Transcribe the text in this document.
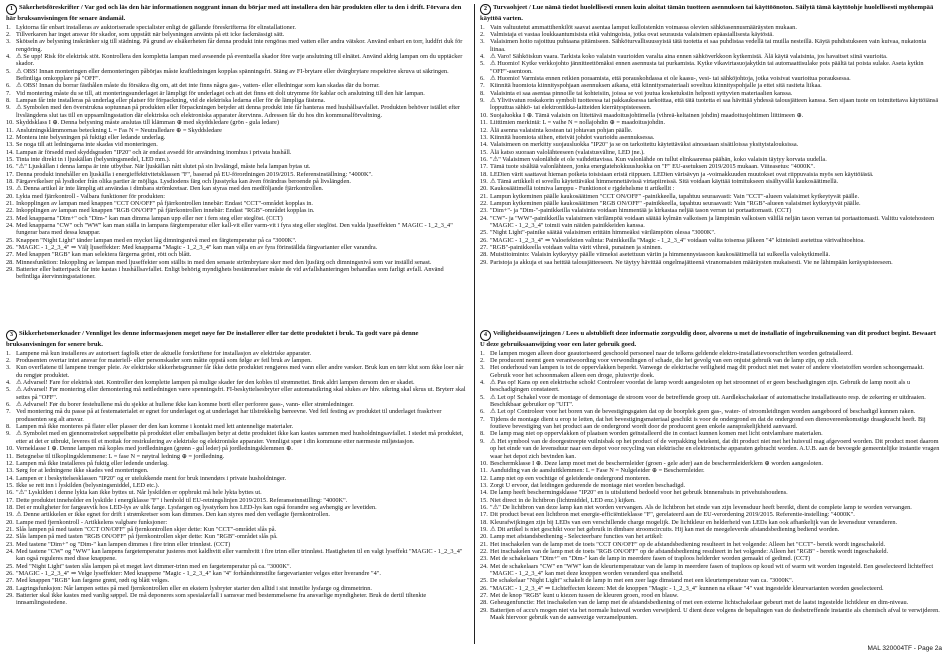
1 Säkerhetsföreskrifter / Var god och läs den här informationen noggrant innan du börjar med att installera den här produkten eller ta den i drift. Förvara den här bruksanvisningen för senare ändamål.
1. Lyktorna får enbart installeras av auktoriserade specialister enligt de gällande föreskrifterna för elinstallationer.
2. Tillverkaren har inget ansvar för skador, som uppstått när belysningen använts på ett icke fackmässigt sätt.
3. Skötseln av belysning inskränker sig till städning. På grund av elsäkerheten får denna produkt inte rengöras med vatten eller andra vätskor. Använd enbart en torr, luddfri duk för rengöring.
4. ⚠ Se upp! Risk för elektrisk stöt. Kontrollera den kompletta lampan med avseende på eventuella skador före varje anslutning till elnätet. Använd aldrig lampan om du upptäcker skador.
5. ⚠ OBS! Innan monteringen eller demonteringen påbörjas måste kraftledningen kopplas spänningsfri. Stäng av FI-brytare eller dvärgbrytare respektive skruva ut säkringen. Befintliga omkopplare på "OFF".
6. ⚠ OBS! Innan du borrar fästhålen måste du försäkra dig om, att det inte finns några gas-, vatten- eller elledningar som kan skadas där du borrar.
7. Vid montering måste du se till, att monteringsunderlaget är lämpligt för underlaget och att det finns ett dolt utrymme för kablar och anslutning till den här lampan.
8. Lampan får inte installeras på underlag eller platser för förpackning, vid de elektriska ledarna eller för de lämpliga fästena.
9. ⚠ Symbolen med den överstrukna soptunnan på produkten eller förpackningen betyder att denna produkt inte får hanteras med hushållsavfallet. Produkten behöver istället efter livslängdens slut tas till en uppsamlingsstation där elektriska och elektroniska apparater återvinns. Adressen får du hos din kommunalförvaltning.
10. Skyddsklass I ⊕. Denna belysning måste anslutas till klämman ⊕ med skyddsledare (grön - gula ledare)
11. Anslutningsklämmornas beteckning L = Fas N = Neutralledare ⊕ = Skyddsledare
12. Montera inte belysningen på fuktigt eller ledande underlag.
13. Se noga till att ledningarna inte skadas vid monteringen.
14. Lampan är försedd med skyddsgraden "IP20" och är endast avsedd för användning inomhus i privata hushåll.
15. Tinta inte direkt in i ljuskällan (belysningsmedel, LED mm.).
16. "⚠" Ljuskällan i denna lampa är inte utbytbar. När ljuskällan nått slutet på sin livslängd, måste hela lampan bytas ut.
17. Denna produkt innehåller en ljuskälla i energieffektivitetsklassen "F", baserad på EU-förordningen 2019/2015. Referensinställning: "4000K".
18. Färgavvikelser på lysdioder från olika partier är möjliga. Lysdiodens färg och ljusstyrka kan även förändras beroende på livslängden.
19. ⚠ Denna artikel är inte lämplig att användas i dimbara strömkretsar. Den kan styras med den medföljande fjärrkontrollen.
20. Lykta med fjärrkontroll - Valbara funktioner för produkten:
21. Inkopplingen av lampan med knappen "CCT ON/OFF" på fjärrkontrollen innebär: Endast "CCT"-området kopplas in.
22. Inkopplingen av lampan med knappen "RGB ON/OFF" på fjärrkontrollen innebär: Endast "RGB"-området kopplas in.
23. Med knapparna "Dim+" och "Dim-" kan man dimma lampan upp eller ner i fem steg eller steglöst. (CCT)
24. Med knapparna "CW" och "WW" kan man ställa in lampans färgtemperatur eller kall-vit eller varm-vit i fyra steg eller steglöst. Den valda ljuseffekten " MAGIC - 1_2_3_4" fungerar bara med dessa knappar.
25. Knappen "Night Light" tänder lampan med en mycket låg dimningsnivå med en färgtemperatur på ca "3000K".
26. "MAGIC - 1_2_3_4" ⇒ Välj ljuseffekter: Med knapparna "Magic - 1_2_3_4" kan man välja en av fyra förinställda färgvarianter eller varandra.
27. Med knappen "RGB" kan man selektera färgerna grönt, rött och blått.
28. Minnesfunktion: Inkoppling av lampan med ljuseffekter som ställts in med den senaste strömbrytare sker med den ljusfärg och dimningsnivå som var inställd senast.
29. Batterier eller batteripack får inte kastas i hushållsavfallet. Enligt behörig myndighets bestämmelser måste de vid avfallshanteringen behandlas som farligt avfall. Använd befintliga återvinningsstationer.
2 Turvaohjeet / Lue nämä tiedot huolellisesti ennen kuin aloitat tämän tuotteen asennuksen tai käyttöönoton. Säilytä tämä käyttöohje huolellisesti myöhempää käyttöä varten.
1. Vain valtuutetut ammattihenkilöt saavat asentaa lamput kulloistenkin voimassa olevien sähköasennusmääräysten mukaan.
2. Valmistaja ei vastaa loukkaantumisista eikä vahingoista, jotka ovat seurausta valaisimen epäasiallisesta käytöstä.
3. Valaisimen hoito rajoittuu puhtaana pitämiseen. Sähköturvallisuussyistä tätä tuotetta ei saa puhdistaa vedellä tai muilla nesteillä. Käytä puhdistukseen vain kuivaa, nukatonta liinaa.
4. ⚠ Varo! Sähköiskun vaara. Tarkista koko valaisin vaurioiden varalta aina ennen sähköverkkoon kytkemistä. Älä käytä valaisinta, jos havaitset siinä vaurioita.
5. ⚠ Huomio! Kytke verkkojohto jännitteettömäksi ennen asennusta tai purkamista. Kytke vikavirtasuojakytkin tai automaattisulake pois päältä tai poista sulake. Aseta kytkin "OFF"-asentoon.
6. ⚠ Huomio! Varmista ennen reikien poraamista, että porauskohdassa ei ole kaasu-, vesi- tai sähköjohtoja, jotka voisivat vaurioitua porauksessa.
7. Kiinnitä huomiota kiinnityspohjaan asennuksen aikana, että kiinnitysmateriaali soveltuu kiinnityspohjalle ja ettei sitä rasiteta liikaa.
8. Valaisinta ei saa asentaa pinnoille tai kohteisiin, joissa se voi joutua kosketuksiin helposti syttyvien materiaalien kanssa.
9. ⚠ Yliviivatun roskakorin symboli tuotteessa tai pakkauksessa tarkoittaa, että tätä tuotetta ei saa hävittää yhdessä talousjätteen kanssa. Sen sijaan tuote on toimitettava käyttöiänsä lopputtua sähkö- tai elektroniikka-laitteiden kierrätyspisteeseen.
10. Suojaluokka I ⊕. Tämä valaisin on liitettävä maadoitusjohtimella (vihreä-keltainen johdin) maadoitusjohtimen liittimeen ⊕.
11. Liittimien merkintä: L = vaihe N = nollajohdin ⊕ = maadoitusjohdin.
12. Älä asenna valaisinta kostean tai johtavan pohjan päälle.
13. Kiinnitä huomiota siihen, etteivät johdot vaurioidu asennuksessa.
14. Valaisimeen on merkitty suojausluokka "IP20" ja se on tarkoitettu käytettäväksi ainoastaan sisätiloissa yksityistalouksissa.
15. Älä katso suoraan valolähteeseen (valaistusväline, LED jne.).
16. "⚠" Valaisimen valonlähde ei ole vaihdettavissa. Kun valonlähde on tullut elinkaarensa päähän, koko valaisin täytyy korvata uudella.
17. Tämä tuote sisältää valonlähteen, jonka energiatehokkuusluokka on "F" EU-asetuksen 2019/2015 mukaan. Viiteasetus: "4000K".
18. LEDien värit saattavat hieman poiketa toisistaan eristä riippuen. LEDien värisävyn ja -voimakkuuden muutokset ovat riippuvaisia myös sen käyttöiästä.
19. ⚠ Tämä artikkeli ei sovellu käytettäväksi himmennettävissä virtapiireissä. Sitä voidaan käyttää toimitukseen sisältyvällä kaukosäätimellä.
20. Kaukosäätimellä toimiva lamppu - Funktionot e rjgdehelsme tt artikellit :
21. Lampun kytkeminen päälle kaukosäätimen "CCT ON/OFF" -painikkeella, tapahtuu seuraavasti: Vain "CCT"-alueen valaisimet kytkeytyvät päälle.
22. Lampun kytkeminen päälle kaukosäätimen "RGB ON/OFF" -painikkeella, tapahtuu seuraavasti: Vain "RGB"-alueen valaisimet kytkeytyvät päälle.
23. "Dim+"- ja "Dim-"-painikkeilla valaisinta voidaan himmentää ja kirkastaa neljää tason verran tai portaattomasti. (CCT)
24. "CW"- ja "WW"-painikkeilla valaisimen värilämpöä voidaan säätää kylmän valkoisen ja lämpimän valkoisen välillä neljän tason verran tai portaattomasti. Valittu valotehosteen "MAGIC - 1_2_3_4" toimii vain näiden painikkeiden kanssa.
25. "Night Light"-painike säätää valaisimen erittäin himmeäksi värilämpöön olessa "3000K".
26. "MAGIC - 1_2_3_4" ⇒ Valoefektien valinta: Painikkeilla "Magic - 1_2_3_4" voidaan valita toisensa jälkeen "4" kiinteästi asetettua värivaihtoehtoa.
27. "RGB"-painikkeella voidaan valita värit vihreä, punainen ja sininen.
28. Muistitoiminto: Valaisin kytkeytyy päälle viimeksi asetettuun väriin ja himmennystasoon kaukosäätimellä tai sulkeella valokytkimellä.
29. Paristoja ja akkuja ei saa heittää talousjätteeseen. Ne täytyy hävittää ongelmajätteenä viranomaisten määräysten mukaisesti. Vie ne lähimpään keräyspisteeseen.
3 Sikkerhetsmerknader / Vennligst les denne informasjonen meget nøye før De installerer eller tar dette produktet i bruk. Ta godt vare på denne bruksanvisningen for senere bruk.
1. Lampene må kun installeres av autorisert fagfolk etter de aktuelle forskriftene for installasjon av elektriske apparater.
2. Produsenten overtar intet ansvar for materiell- eller personskader som måtte oppstå som følge av feil bruk av lampen.
3. Kun overflatene til lampene trenger pleie. Av elektriske sikkerhetsgrunner får ikke dette produktet rengjøres med vann eller andre væsker. Bruk kun en tørr klut som ikke loer når du rengjør produktet.
4. ⚠ Advarsel! Fare for elektrisk støt. Kontroller den komplette lampen på mulige skader før den kobles til strømnettet. Bruk aldri lampen dersom den er skadet.
5. ⚠ Advarsel! Før montering eller demontering må nettledningen være spenningsfri. FI-beskyttelsesbryter eller automatsikring skal slukes av hhv. sikring skal skrus ut. Bryterr skal settes på "OFF".
6. ⚠ Advarsel! Før du borer festehullene må du sjekke at hullene ikke kan komme borti eller perforere gass-, vann- eller strømledninger.
7. Ved montering må du passe på at festematerialet er egnet for underlaget og at underlaget har tilstrekkelig bæreevne. Ved feil festing av produktet til underlaget fraskriver produsenten seg alt ansvar.
8. Lampen må ikke monteres på flater eller plasser der den kan komme i kontakt med lett antennelige materialer.
9. ⚠ Symbolet med en gjennomstreket søppelbøtte på produktet eller emballasjen betyr at dette produktet ikke kan kastes sammen med husholdningsavfallet. I stedet må produktet, etter at det er utbrukt, leveres til et mottak for resirkulering av elektriske og elektroniske apparater. Vennligst spør i din kommune etter nærmeste miljøstasjon.
10. Verneklasse I ⊕. Denne lampen må koples med jordledningen (grønn - gul leder) på jordledningsklemmen ⊕.
11. Betegnelse til tilkoplingsklemmene: L = fase N = nøytral ledning ⊕ = jordledning.
12. Lampen må ikke installeres på fuktig eller ledende underlag.
13. Sørg for at ledningene ikke skades ved monteringen.
14. Lampen er i beskyttelsesklassen "IP20" og er utelukkende ment for bruk innendørs i private husholdninger.
15. Ikke se rett inn i lyskilden (belysningsmiddel, LED etc.).
16. "⚠" Lyskilden i denne lykta kan ikke byttes ut. Når lyskilden er oppbrukt må hele lykta byttes ut.
17. Dette produktet inneholder en lyskilde i energiklasse "F" i henhold til EU-retningslinjen 2019/2015. Referanseinnstilling: "4000K".
18. Det er muligheter for fargeavvik hos LED-lys av ulik farge. Lysfargen og lysstyrken hos LED-lys kan også forandre seg avhengig av levetiden.
19. ⚠ Denne artikkelen er ikke egnet for drift i strømkretser som kan dimmes. Den kan styres med den vedlagte fjernkontrollen.
20. Lampe med fjernkontroll - Artikkelens valgbare funksjoner:
21. Slås lampen på med tasten "CCT ON/OFF" på fjernkontrollen skjer dette: Kun "CCT"-området slås på.
22. Slås lampen på med tasten "RGB ON/OFF" på fjernkontrollen skjer dette: Kun "RGB"-området slås på.
23. Med tastene "Dim+" og "Dim-" kan lampen dimmes i fire trinn eller trinnløst. (CCT)
24. Med tastene "CW" og "WW" kan lampens fargetemperatur justeres mot kaldhvitt eller varmhvitt i fire trinn eller trinnløst. Hastigheten til en valgt lyseffekt "MAGIC - 1_2_3_4" kan også reguleres med disse knappene.
25. Med "Night Light" tasten slås lampen på et meget lavt dimmer-trinn med en fargetemperatur på ca. "3000K".
26. "MAGIC - 1_2_3_4" ⇒ Velge lyseffekter: Med knappene "Magic - 1_2_3_4" kan "4" forhåndsinnstilte fargevarianter velges etter hverandre "4".
27. Med knappen "RGB" kan fargene grønt, rødt og blått velges.
28. Lagringsfunksjon: Når lampen settes på med fjernkontrollen eller en ekstern lysbryter starter den alltid i sist innstilte lysfarge og dimmetrinn.
29. Batterier skal ikke kastes med vanlig søppel. De må deponeres som spesialavfall i samsvar med bestemmelsene fra ansvarlige myndigheter. Bruk de dertil tiltenkte innsamlingsstedene.
4 Veiligheidsaanwijzingen / Lees u alstublieft deze informatie zorgvuldig door, alvorens u met de installatie of ingebruikneming van dit product begint. Bewaart U deze gebruiksaanwijzing voor een later gebruik goed.
1. De lampen mogen alleen door geautoriseerd geschoold personeel naar de telkens geldende elektro-installatievoorschriften worden geïnstalleerd.
2. De producent neemt geen verantwoording voor verwondingen of schade, die het gevolg van een onjuist gebruik van de lamp zijn, op zich.
3. Het onderhoud van lampen is tot de oppervlakken beperkt. Vanwege de elektrische veiligheid mag dit product niet met water of andere vloeistoffen worden schoongemaakt. Gebruik voor het schoonmaken alleen een droge, pluisvrije doek.
4. ⚠ Pas op! Kans op een elektrische schok! Controleer voordat de lamp wordt aangesloten op het stroomnet of er geen beschadigingen zijn. Gebruik de lamp nooit als u beschadigingen constateert.
5. ⚠ Let op! Schakel voor de montage of demontage de stroom voor de betreffende groep uit. Aardlekschakelaar of automatische installatieauto resp. de zekering er uitdraaien. Beschikbaar gebruiker op "UIT".
6. ⚠ Let op! Controleer voor het boren van de bevestigingsgaten dat op de boorplek geen gas-, water- of stroomleidingen worden aangeboord of beschadigd kunnen raken.
7. Tijdens de montage dient u erop te letten, dat het bevestigingsmateriaal geschikt is voor de ondergrond en dat de ondergrond een dienovereenkomstige draagkracht heeft. Bij foutieve bevestiging van het product aan de ondergrond wordt door de producent geen enkele aansprakelijkheid aanvaard.
8. De lamp mag niet op oppervlakken of plaatsen worden geïnstalleerd die in contact kunnen komen met licht ontvlambare materialen.
9. ⚠ Het symbool van de doorgestreepte vuilnisbak op het product of de verpakking betekent, dat dit product niet met het huisvuil mag afgevoerd worden. Dit product moet daarom op het einde van de levensduur naar een depot voor recycling van elektrische en elektronische apparaten gebracht worden. A.U.B. aan de bevoegde gemeentelijke instantie vragen waar het depot zich bevinden kan.
10. Beschermklasse I ⊕. Deze lamp moet met de beschermleider (groen - gele ader) aan de beschermleiderklem ⊕ worden aangesloten.
11. Aanduiding van de aansluitklemmen: L = Fase N = Nulgeleider ⊕ = Beschermleider.
12. Lamp niet op een vochtige of geleidende ondergrond monteren.
13. Zorgt U ervoor, dat leidingen gedurende de montage niet worden beschadigd.
14. De lamp heeft beschermingsklasse "IP20" en is uitsluitend bedoeld voor het gebruik binnenshuis in privehuishoudens.
15. Niet direct in de lichtbron (lichtmiddel, LED enz.) kijken.
16. "⚠" De lichtbron van deze lamp kan niet worden vervangen. Als de lichtbron het einde van zijn levensduur heeft bereikt, dient de complete lamp te worden vervangen.
17. Dit product bevat een lichtbron met energie-efficiëntieklasse "F", gerelateerd aan de EU-verordening 2019/2015. Referentie-instelling: "4000K".
18. Kleurafwijkingen zijn bij LEDs van een verschillende charge mogelijk. De lichtkleur en helderheid van LEDs kan ook afhankelijk van de levensduur veranderen.
19. ⚠ Dit artikel is niet geschikt voor het gebruik in dimbare stroomcircuits. Hij kan met de meegeleverde afstandsbediening bediend worden.
20. Lamp met afstandsbediening - Selecteerbare functies van het artikel:
21. Het inschakelen van de lamp met de toets "CCT ON/OFF" op de afstandsbediening resulteert in het volgende: Alleen het "CCT"- bereik wordt ingeschakeld.
22. Het inschakelen van de lamp met de toets "RGB ON/OFF" op de afstandsbediening resulteert in het volgende: Alleen het "RGB" - bereik wordt ingeschakeld.
23. Met de schakelaars "Dim+" en "Dim-" kan de lamp in meerdere fasen of traploos helderder worden gemaakt of gedimd. (CCT)
24. Met de schakelaars "CW" en "WW" kan de kleurtemperatuur van de lamp in meerdere fasen of traploos op koud wit of warm wit worden ingesteld. Een geselecteerd lichteffect "MAGIC - 1_2_3_4" kan met deze knoppen worden veranderd qua snelheid.
25. De schakelaar "Night Light" schakelt de lamp in met een zeer lage dimstand met een kleurtemperatuur van ca. "3000K".
26. "MAGIC - 1_2_3_4" ⇒ Lichteffecten kiezen: Met de knoppen "Magic - 1_2_3_4" kunnen na elkaar "4" vast ingestelde kleurvarianten worden geselecteerd.
27. Met de knop "RGB" kunt u kiezen tussen de kleuren groen, rood en blauw.
28. Geheugenfunctie: Het inschakelen van de lamp met de afstandsbediening of met een externe lichtschakelaar gebeurt met de laatst ingestelde lichtkleur en dim-niveau.
29. Batterijen of accu's mogen niet via het normale huisvuil worden verwijderd. U dient deze volgens de bepalingen van de desbetreffende instantie als chemisch afval te verwijderen. Maak hiervoor gebruik van de aanwezige verzamelpunten.
MAL 320004TF - Page 2a
